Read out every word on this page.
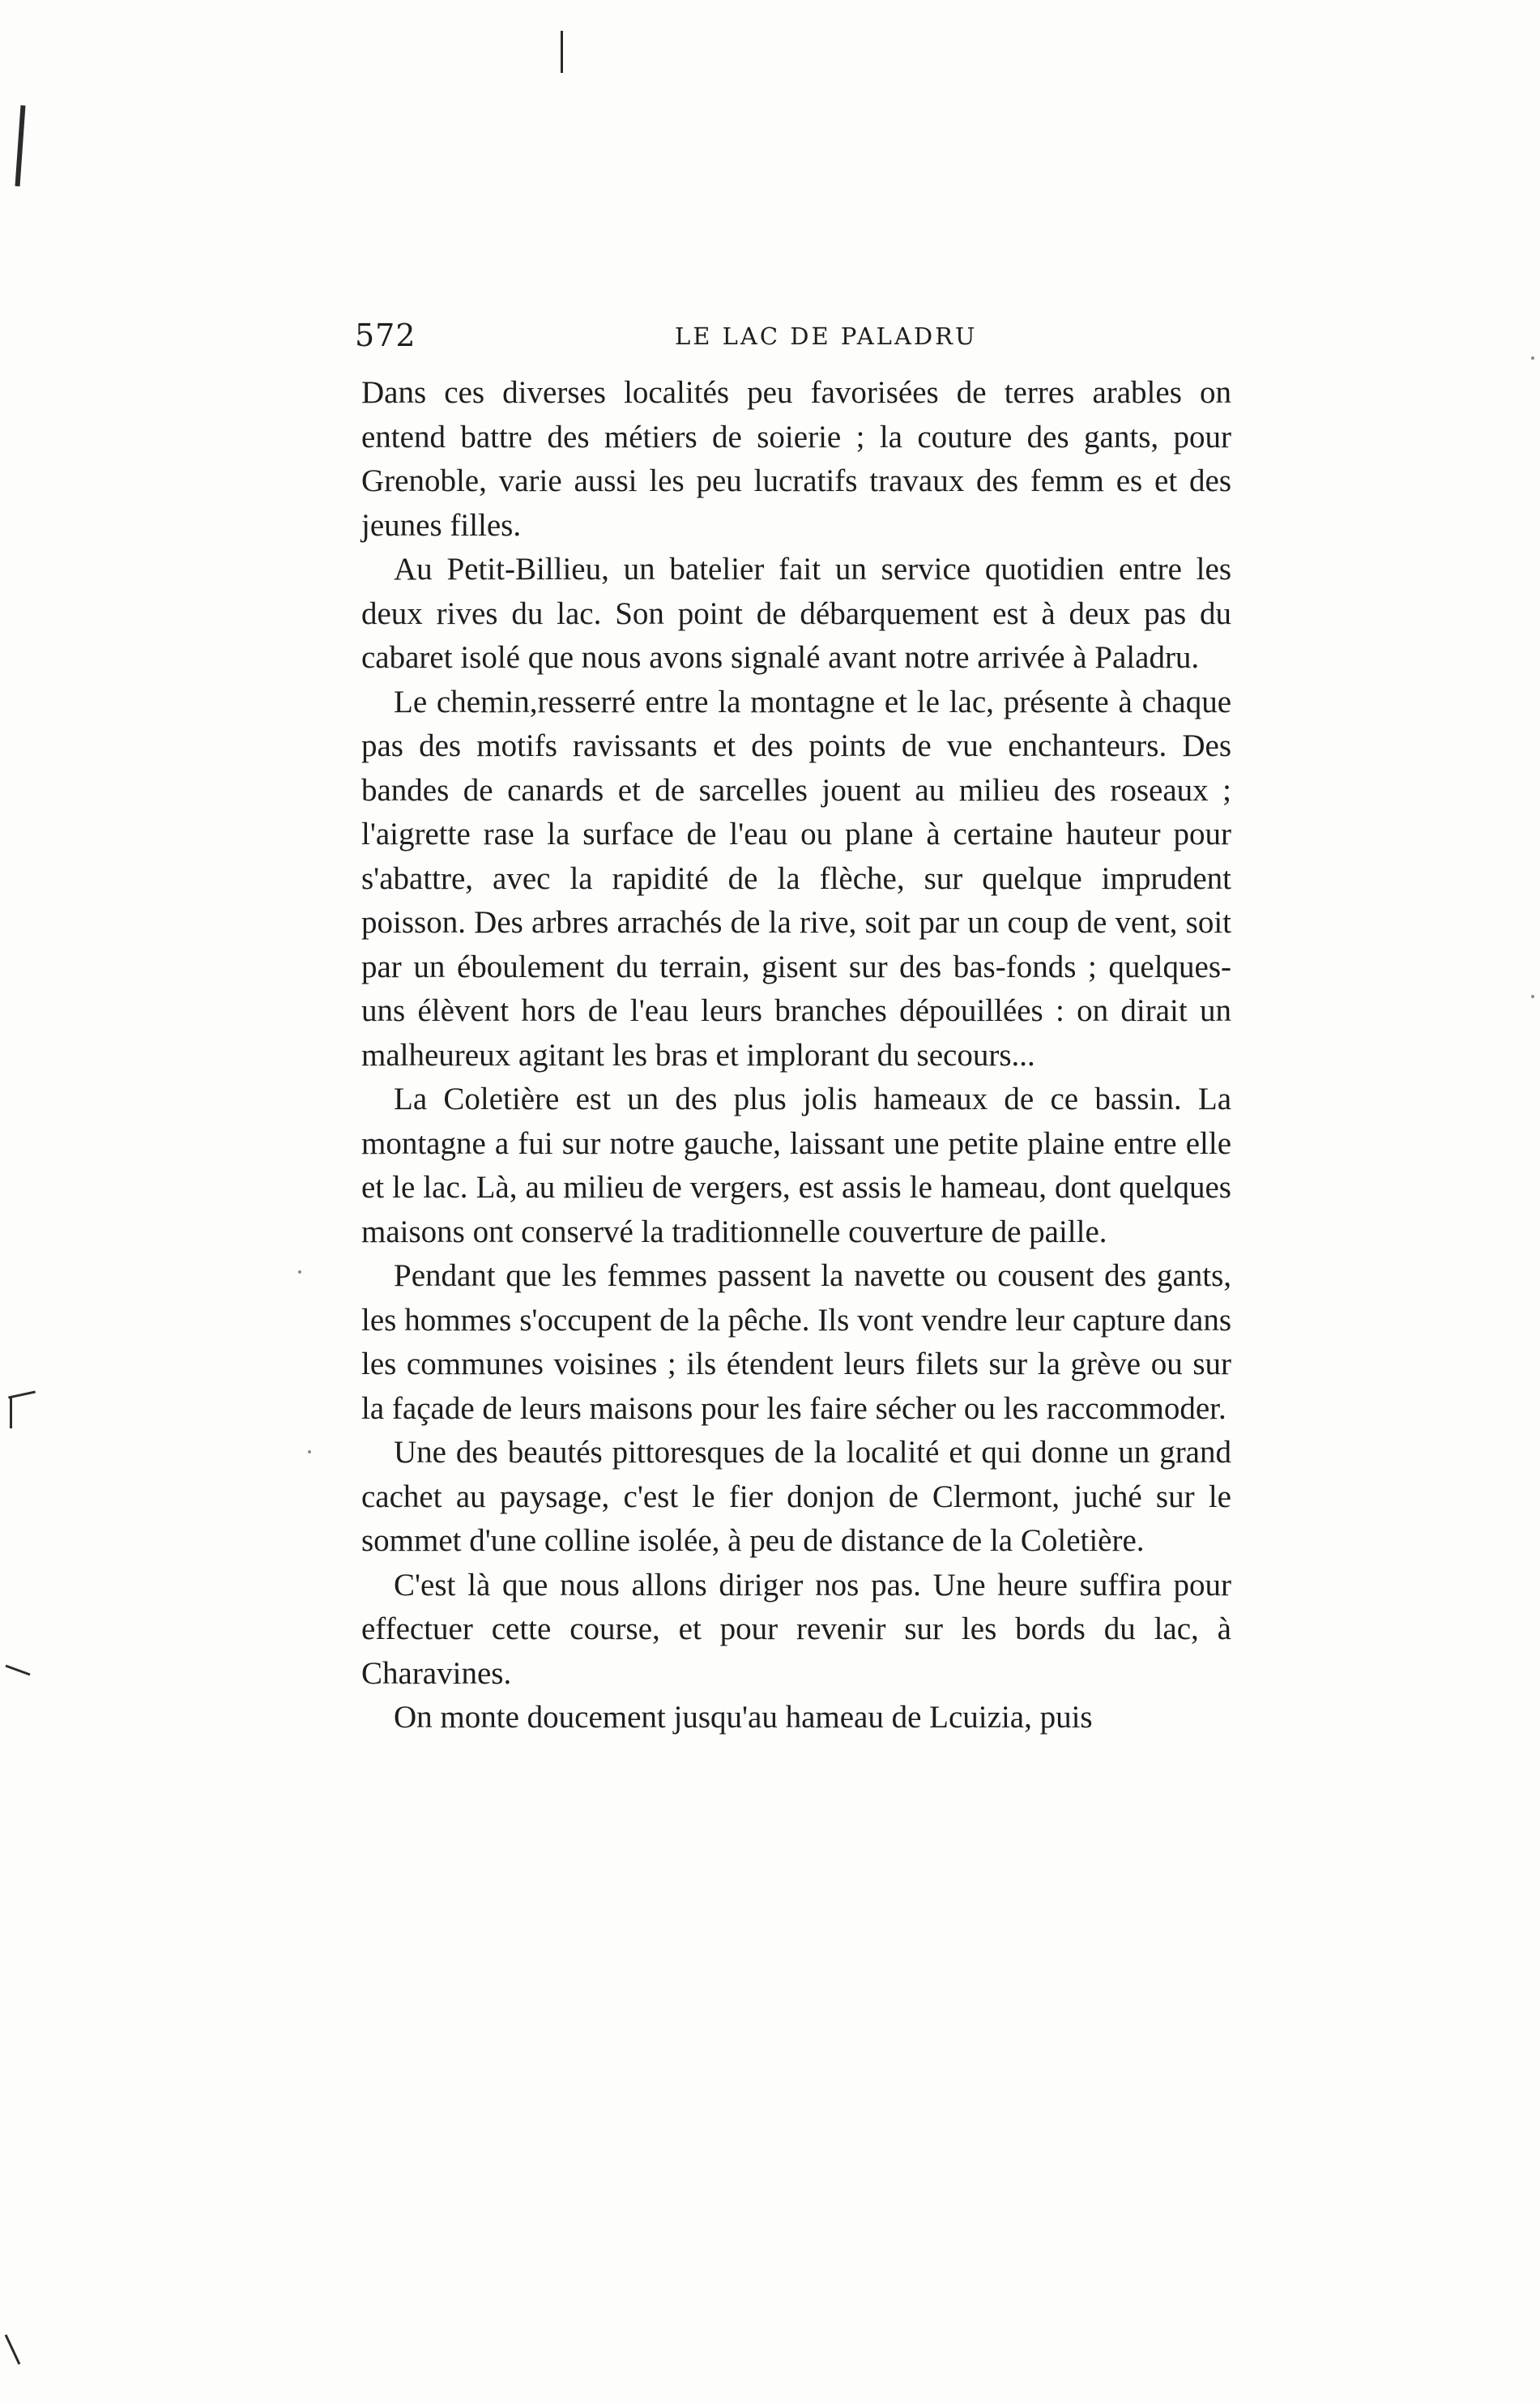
572	LE LAC DE PALADRU

Dans ces diverses localités peu favorisées de terres arables on entend battre des métiers de soierie ; la couture des gants, pour Grenoble, varie aussi les peu lucratifs travaux des femm es et des jeunes filles.

Au Petit-Billieu, un batelier fait un service quotidien entre les deux rives du lac. Son point de débarquement est à deux pas du cabaret isolé que nous avons signalé avant notre arrivée à Paladru.

Le chemin,resserré entre la montagne et le lac, présente à chaque pas des motifs ravissants et des points de vue enchanteurs. Des bandes de canards et de sarcelles jouent au milieu des roseaux ; l'aigrette rase la surface de l'eau ou plane à certaine hauteur pour s'abattre, avec la rapidité de la flèche, sur quelque imprudent poisson. Des arbres arrachés de la rive, soit par un coup de vent, soit par un éboulement du terrain, gisent sur des bas-fonds ; quelques-uns élèvent hors de l'eau leurs branches dépouillées : on dirait un malheureux agitant les bras et implorant du secours...

La Coletière est un des plus jolis hameaux de ce bassin. La montagne a fui sur notre gauche, laissant une petite plaine entre elle et le lac. Là, au milieu de vergers, est assis le hameau, dont quelques maisons ont conservé la traditionnelle couverture de paille.

Pendant que les femmes passent la navette ou cousent des gants, les hommes s'occupent de la pêche. Ils vont vendre leur capture dans les communes voisines ; ils étendent leurs filets sur la grève ou sur la façade de leurs maisons pour les faire sécher ou les raccommoder.

Une des beautés pittoresques de la localité et qui donne un grand cachet au paysage, c'est le fier donjon de Clermont, juché sur le sommet d'une colline isolée, à peu de distance de la Coletière.

C'est là que nous allons diriger nos pas. Une heure suffira pour effectuer cette course, et pour revenir sur les bords du lac, à Charavines.

On monte doucement jusqu'au hameau de Lcuizia, puis
